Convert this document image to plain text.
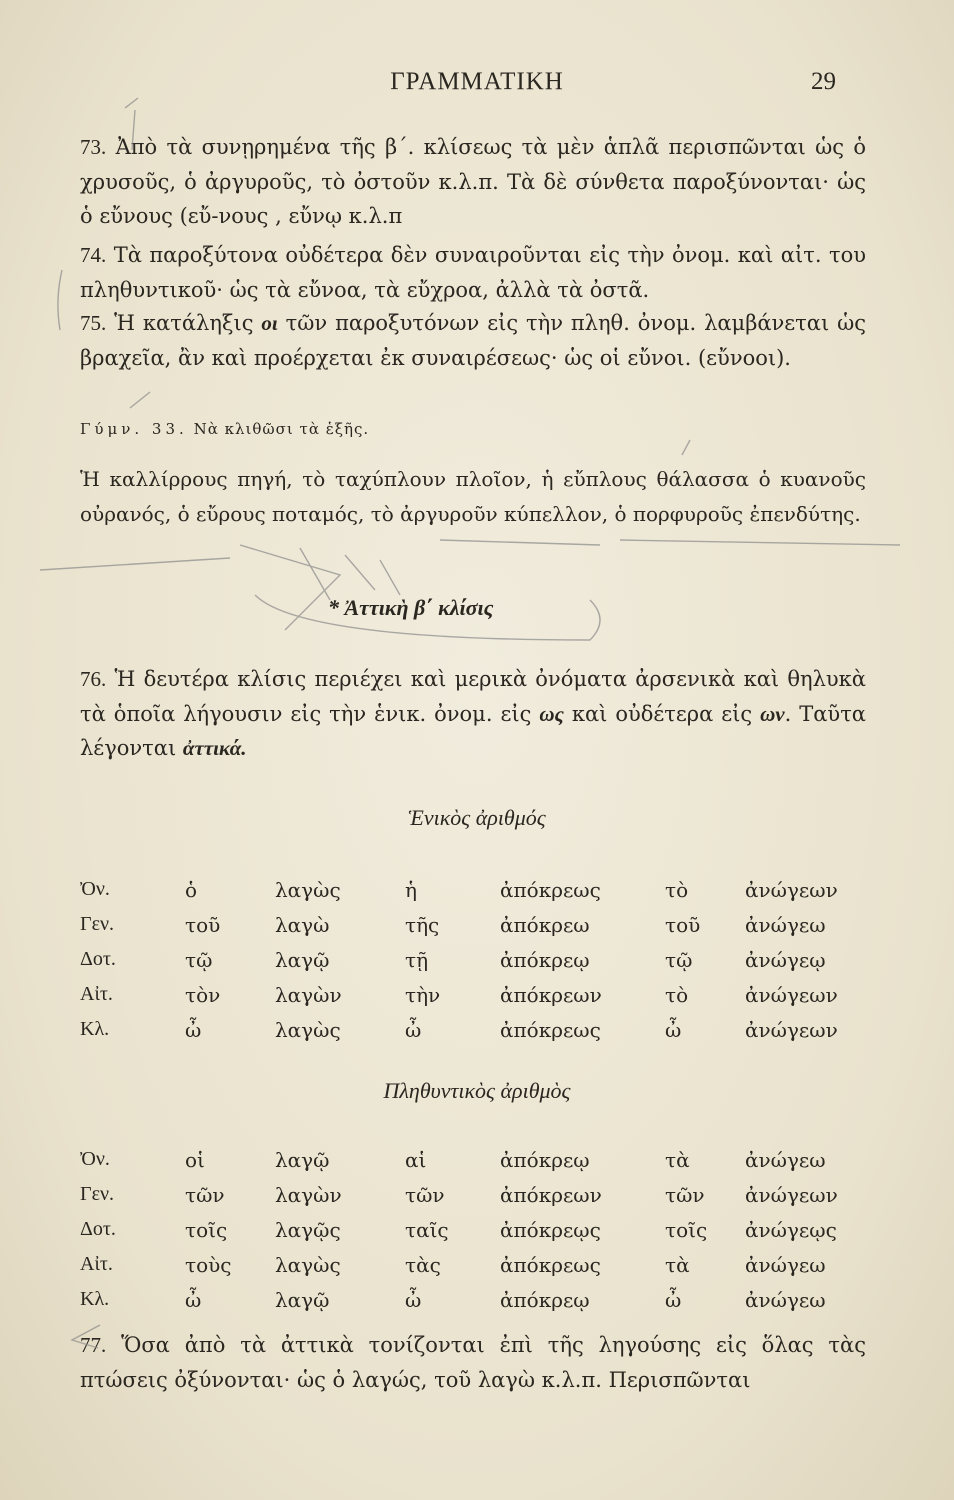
ΓΡΑΜΜΑΤΙΚΗ	29

73. Ἀπὸ τὰ συνῃρημένα τῆς β΄. κλίσεως τὰ μὲν ἁπλᾶ περισπῶνται ὡς ὁ χρυσοῦς, ὁ ἀργυροῦς, τὸ ὀστοῦν κ.λ.π. Τὰ δὲ σύνθετα παροξύνονται· ὡς ὁ εὔνους (εὔ-νους , εὔνῳ κ.λ.π

74. Τὰ παροξύτονα οὐδέτερα δὲν συναιροῦνται εἰς τὴν ὀνομ. καὶ αἰτ. του πληθυντικοῦ· ὡς τὰ εὔνοα, τὰ εὔχροα, ἀλλὰ τὰ ὀστᾶ.

75. Ἡ κατάληξις οι τῶν παροξυτόνων εἰς τὴν πληθ. ὀνομ. λαμβάνεται ὡς βραχεῖα, ἂν καὶ προέρχεται ἐκ συναιρέσεως· ὡς οἱ εὔνοι. (εὔνοοι).

Γύμν. 33. Νὰ κλιθῶσι τὰ ἑξῆς.

Ἡ καλλίρρους πηγή, τὸ ταχύπλουν πλοῖον, ἡ εὔπλους θάλασσα ὁ κυανοῦς οὐρανός, ὁ εὔρους ποταμός, τὸ ἀργυροῦν κύπελλον, ὁ πορφυροῦς ἐπενδύτης.

* Ἀττικὴ β΄ κλίσις

76. Ἡ δευτέρα κλίσις περιέχει καὶ μερικὰ ὀνόματα ἀρσενικὰ καὶ θηλυκὰ τὰ ὁποῖα λήγουσιν εἰς τὴν ἑνικ. ὀνομ. εἰς ως καὶ οὐδέτερα εἰς ων. Ταῦτα λέγονται ἀττικά.

Ἑνικὸς ἀριθμός
Ὀν.	ὁ	λαγὼς	ἡ	ἀπόκρεως	τὸ	ἀνώγεων
Γεν.	τοῦ	λαγὼ	τῆς	ἀπόκρεω	τοῦ	ἀνώγεω
Δοτ.	τῷ	λαγῷ	τῇ	ἀπόκρεῳ	τῷ	ἀνώγεῳ
Αἰτ.	τὸν	λαγὼν	τὴν	ἀπόκρεων	τὸ	ἀνώγεων
Κλ.	ὦ	λαγὼς	ὦ	ἀπόκρεως	ὦ	ἀνώγεων
Πληθυντικὸς ἀριθμὸς
Ὀν.	οἱ	λαγῷ	αἱ	ἀπόκρεῳ	τὰ	ἀνώγεω
Γεν.	τῶν	λαγὼν	τῶν	ἀπόκρεων	τῶν	ἀνώγεων
Δοτ.	τοῖς	λαγῷς	ταῖς	ἀπόκρεῳς	τοῖς	ἀνώγεῳς
Αἰτ.	τοὺς	λαγὼς	τὰς	ἀπόκρεως	τὰ	ἀνώγεω
Κλ.	ὦ	λαγῷ	ὦ	ἀπόκρεῳ	ὦ	ἀνώγεω

77. Ὅσα ἀπὸ τὰ ἀττικὰ τονίζονται ἐπὶ τῆς ληγούσης εἰς ὅλας τὰς πτώσεις ὀξύνονται· ὡς ὁ λαγώς, τοῦ λαγὼ κ.λ.π. Περισπῶνται
